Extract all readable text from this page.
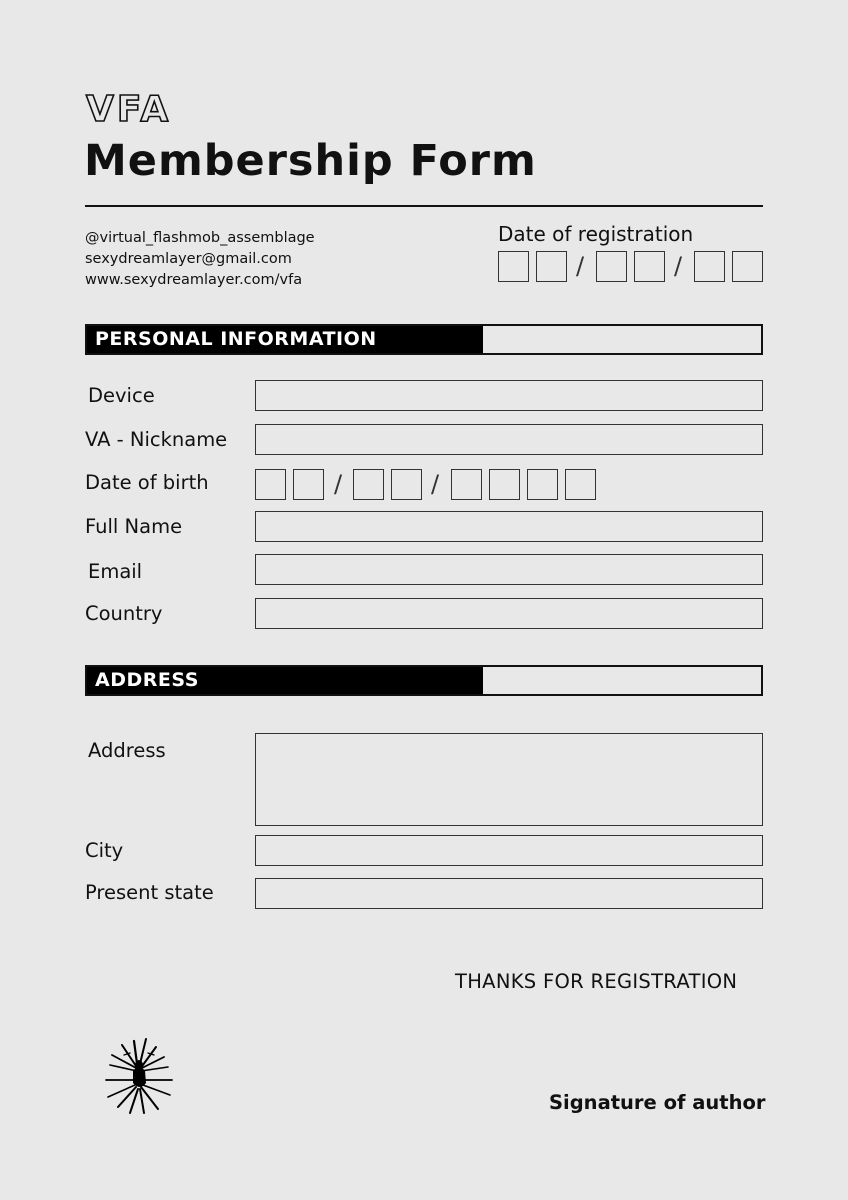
VFA
Membership Form
@virtual_flashmob_assemblage
sexydreamlayer@gmail.com
www.sexydreamlayer.com/vfa
Date of registration
/	/
PERSONAL INFORMATION
Device
VA - Nickname
Date of birth	/	/
Full Name
Email
Country
ADDRESS
Address
City
Present state
THANKS FOR REGISTRATION
Signature of author
